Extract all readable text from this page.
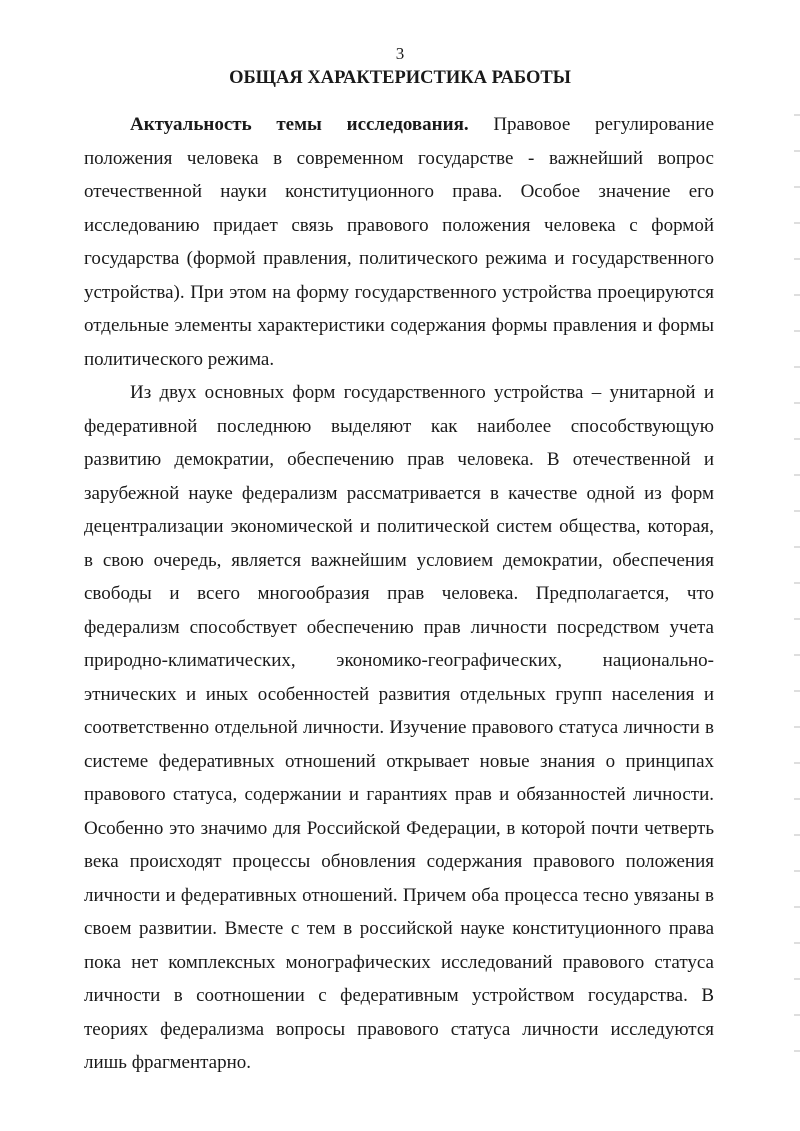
3
ОБЩАЯ ХАРАКТЕРИСТИКА РАБОТЫ

Актуальность темы исследования. Правовое регулирование положения человека в современном государстве - важнейший вопрос отечественной науки конституционного права. Особое значение его исследованию придает связь правового положения человека с формой государства (формой правления, политического режима и государственного устройства). При этом на форму государственного устройства проецируются отдельные элементы характеристики содержания формы правления и формы политического режима.

Из двух основных форм государственного устройства – унитарной и федеративной последнюю выделяют как наиболее способствующую развитию демократии, обеспечению прав человека. В отечественной и зарубежной науке федерализм рассматривается в качестве одной из форм децентрализации экономической и политической систем общества, которая, в свою очередь, является важнейшим условием демократии, обеспечения свободы и всего многообразия прав человека. Предполагается, что федерализм способствует обеспечению прав личности посредством учета природно-климатических, экономико-географических, национально-этнических и иных особенностей развития отдельных групп населения и соответственно отдельной личности. Изучение правового статуса личности в системе федеративных отношений открывает новые знания о принципах правового статуса, содержании и гарантиях прав и обязанностей личности. Особенно это значимо для Российской Федерации, в которой почти четверть века происходят процессы обновления содержания правового положения личности и федеративных отношений. Причем оба процесса тесно увязаны в своем развитии. Вместе с тем в российской науке конституционного права пока нет комплексных монографических исследований правового статуса личности в соотношении с федеративным устройством государства. В теориях федерализма вопросы правового статуса личности исследуются лишь фрагментарно.
